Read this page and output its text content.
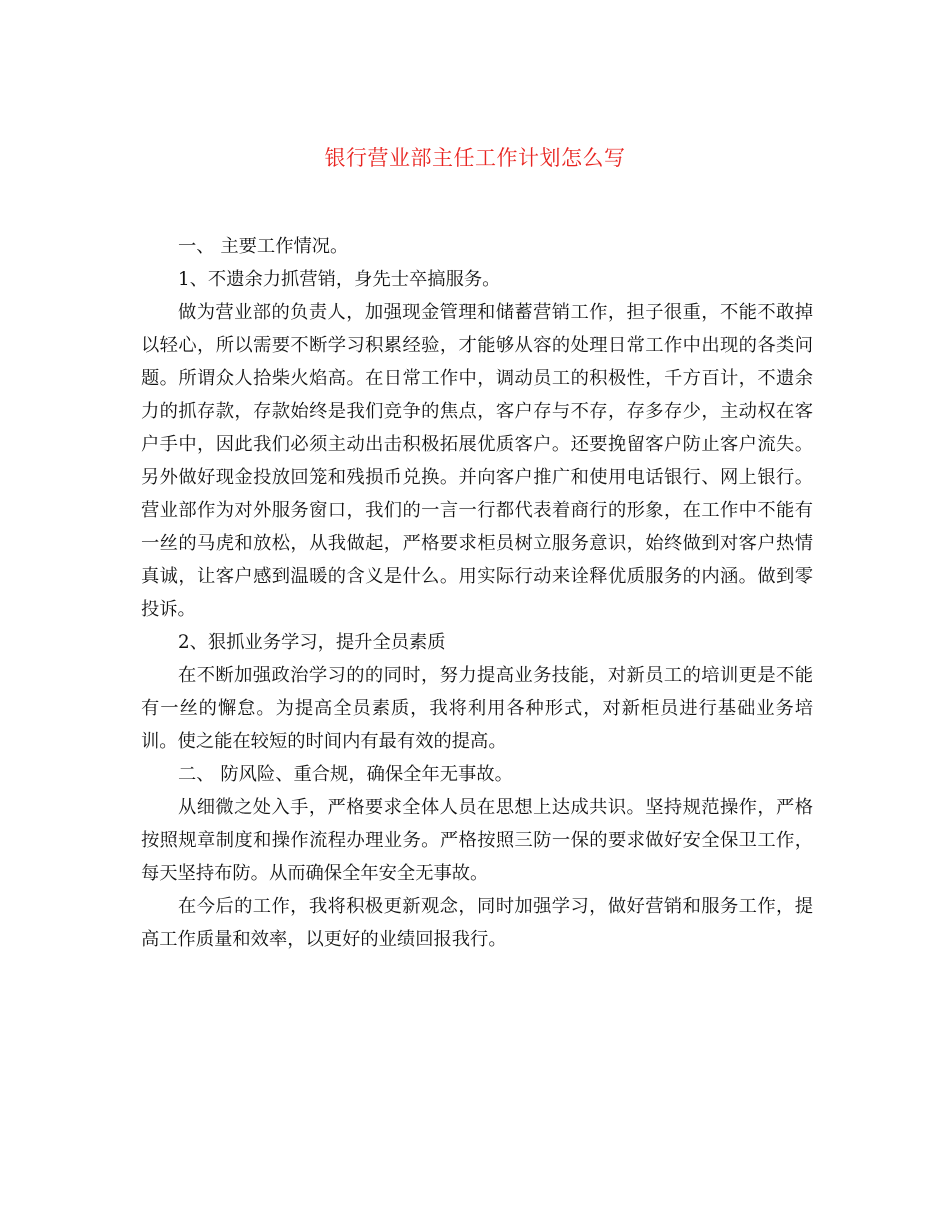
银行营业部主任工作计划怎么写

一、 主要工作情况。

1、不遗余力抓营销，身先士卒搞服务。

做为营业部的负责人，加强现金管理和储蓄营销工作，担子很重，不能不敢掉以轻心，所以需要不断学习积累经验，才能够从容的处理日常工作中出现的各类问题。所谓众人拾柴火焰高。在日常工作中，调动员工的积极性，千方百计，不遗余力的抓存款，存款始终是我们竞争的焦点，客户存与不存，存多存少，主动权在客户手中，因此我们必须主动出击积极拓展优质客户。还要挽留客户防止客户流失。另外做好现金投放回笼和残损币兑换。并向客户推广和使用电话银行、网上银行。营业部作为对外服务窗口，我们的一言一行都代表着商行的形象，在工作中不能有一丝的马虎和放松，从我做起，严格要求柜员树立服务意识，始终做到对客户热情真诚，让客户感到温暖的含义是什么。用实际行动来诠释优质服务的内涵。做到零投诉。

2、狠抓业务学习，提升全员素质

在不断加强政治学习的的同时，努力提高业务技能，对新员工的培训更是不能有一丝的懈怠。为提高全员素质，我将利用各种形式，对新柜员进行基础业务培训。使之能在较短的时间内有最有效的提高。

二、 防风险、重合规，确保全年无事故。

从细微之处入手，严格要求全体人员在思想上达成共识。坚持规范操作，严格按照规章制度和操作流程办理业务。严格按照三防一保的要求做好安全保卫工作，每天坚持布防。从而确保全年安全无事故。

在今后的工作，我将积极更新观念，同时加强学习，做好营销和服务工作，提高工作质量和效率，以更好的业绩回报我行。
